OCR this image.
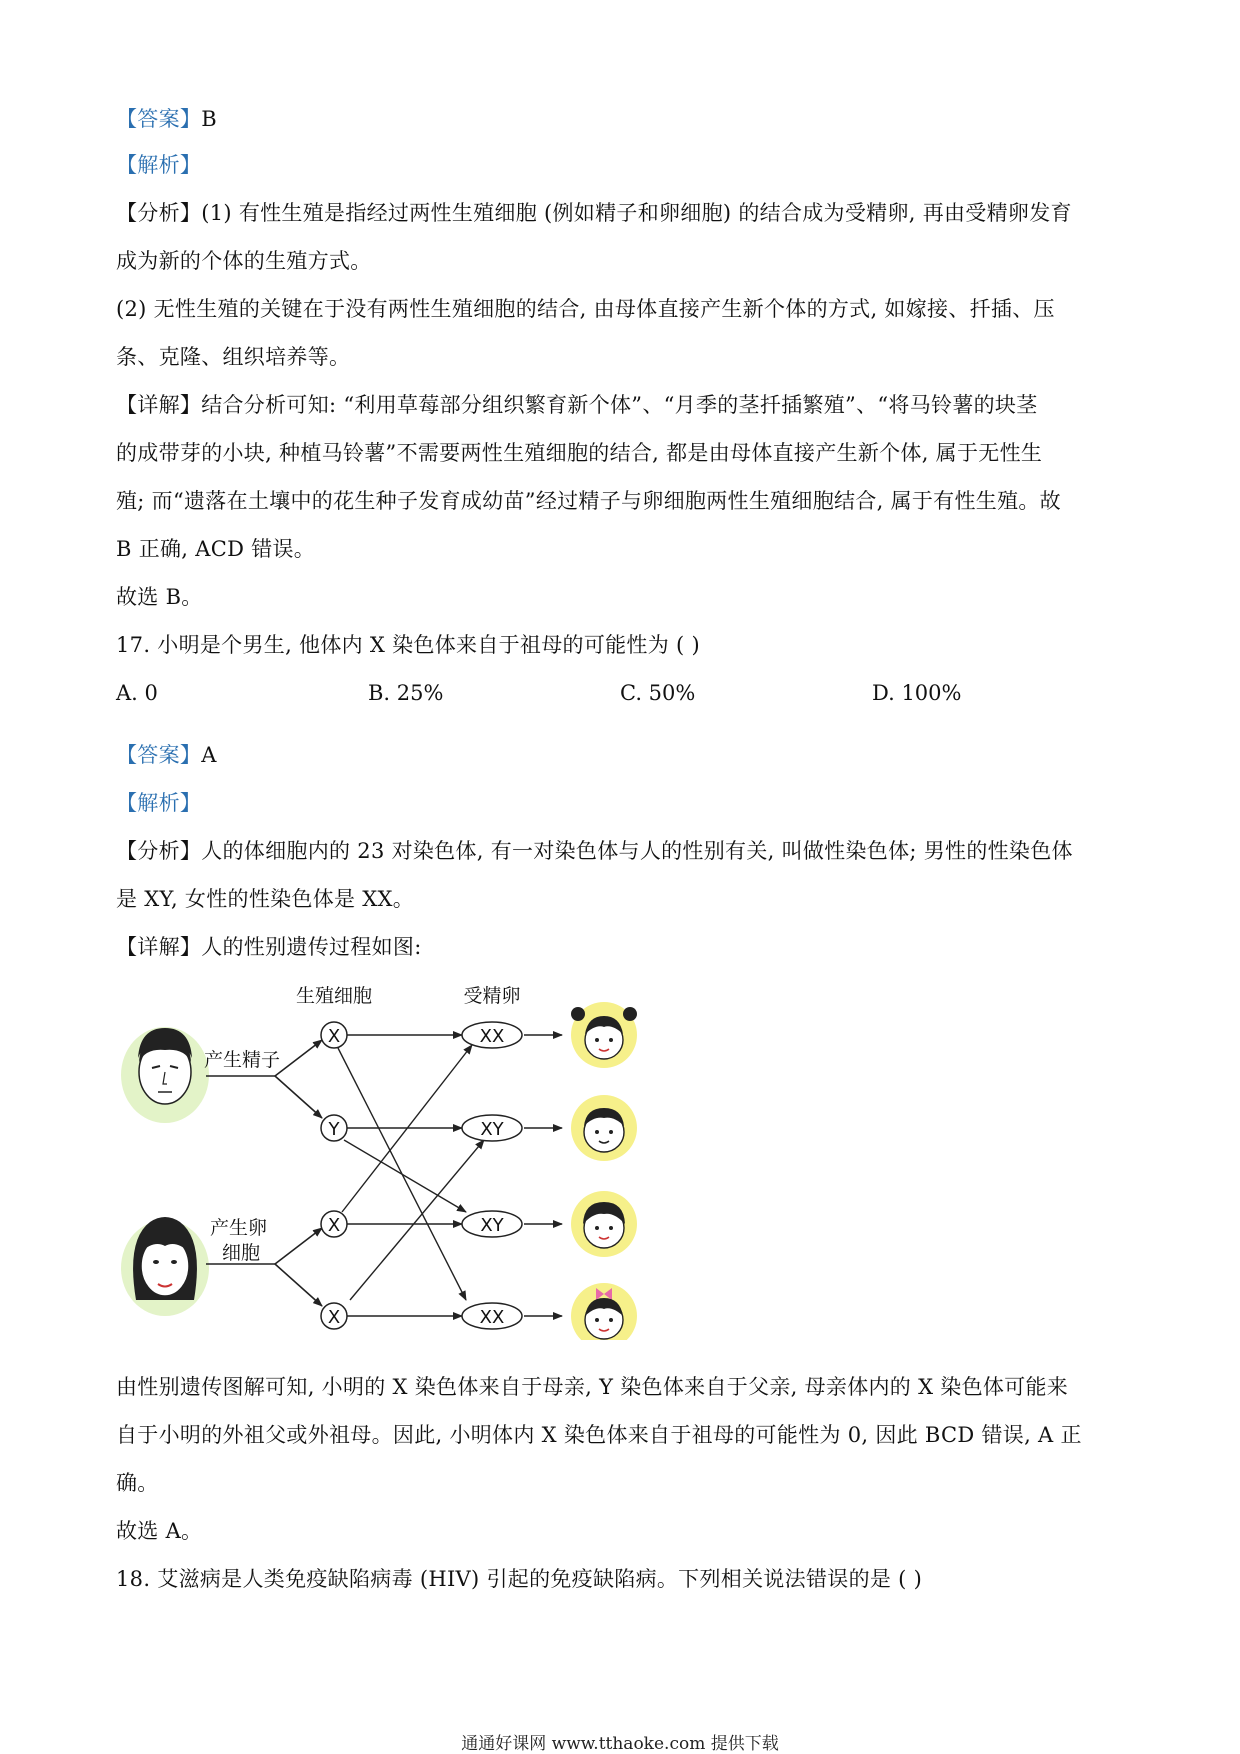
【答案】B
【解析】
【分析】(1) 有性生殖是指经过两性生殖细胞 (例如精子和卵细胞) 的结合成为受精卵, 再由受精卵发育
成为新的个体的生殖方式。
(2) 无性生殖的关键在于没有两性生殖细胞的结合, 由母体直接产生新个体的方式, 如嫁接、扦插、压
条、克隆、组织培养等。
【详解】结合分析可知: “利用草莓部分组织繁育新个体”、“月季的茎扦插繁殖”、“将马铃薯的块茎
的成带芽的小块, 种植马铃薯”不需要两性生殖细胞的结合, 都是由母体直接产生新个体, 属于无性生
殖; 而“遗落在土壤中的花生种子发育成幼苗”经过精子与卵细胞两性生殖细胞结合, 属于有性生殖。故
B 正确, ACD 错误。
故选 B。
17. 小明是个男生, 他体内 X 染色体来自于祖母的可能性为 ( )
A. 0	B. 25%	C. 50%	D. 100%
【答案】A
【解析】
【分析】人的体细胞内的 23 对染色体, 有一对染色体与人的性别有关, 叫做性染色体; 男性的性染色体
是 XY, 女性的性染色体是 XX。
【详解】人的性别遗传过程如图:
生殖细胞	受精卵
产生精子
产生卵
细胞
X
Y
X
X
XX
XY
XY
XX
由性别遗传图解可知, 小明的 X 染色体来自于母亲, Y 染色体来自于父亲, 母亲体内的 X 染色体可能来
自于小明的外祖父或外祖母。因此, 小明体内 X 染色体来自于祖母的可能性为 0, 因此 BCD 错误, A 正
确。
故选 A。
18. 艾滋病是人类免疫缺陷病毒 (HIV) 引起的免疫缺陷病。下列相关说法错误的是 ( )
通通好课网 www.tthaoke.com 提供下载
